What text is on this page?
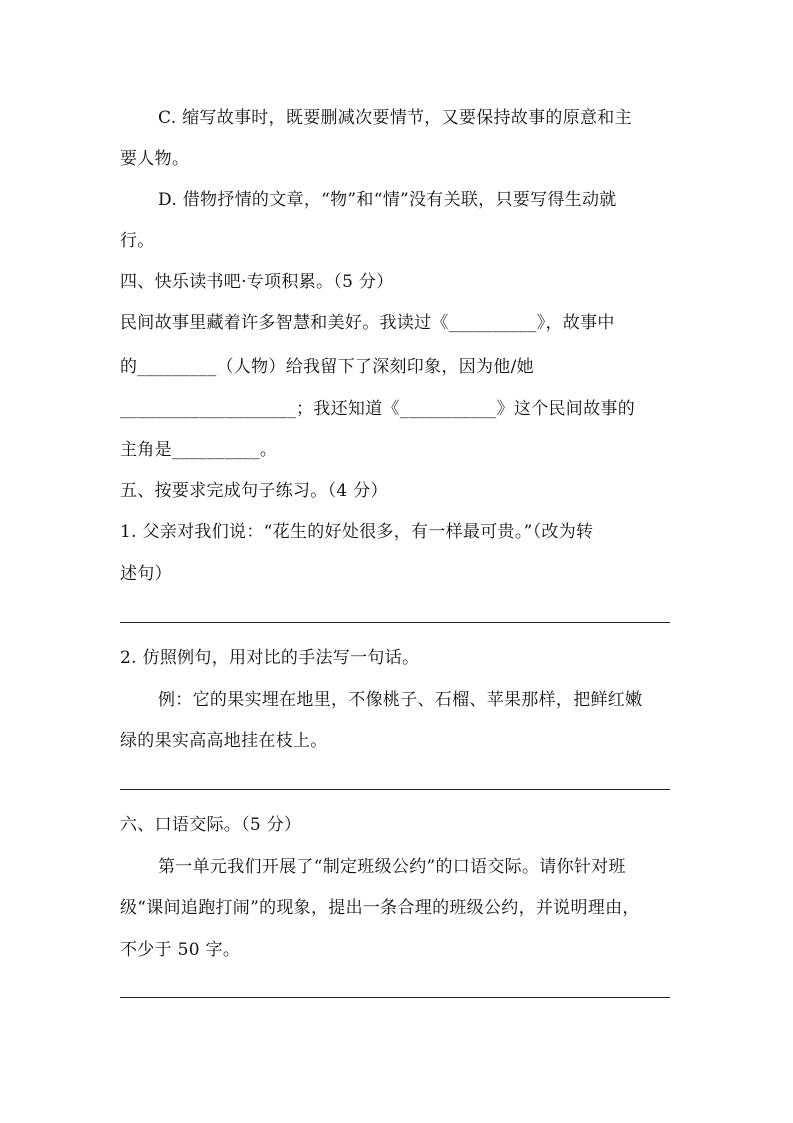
C. 缩写故事时，既要删减次要情节，又要保持故事的原意和主
要人物。
D. 借物抒情的文章，“物”和“情”没有关联，只要写得生动就
行。
四、快乐读书吧·专项积累。（5 分）
民间故事里藏着许多智慧和美好。我读过《__________》，故事中
的_________（人物）给我留下了深刻印象，因为他/她
____________________；我还知道《___________》这个民间故事的
主角是__________。
五、按要求完成句子练习。（4 分）
1. 父亲对我们说：“花生的好处很多，有一样最可贵。”（改为转
述句）
2. 仿照例句，用对比的手法写一句话。
例：它的果实埋在地里，不像桃子、石榴、苹果那样，把鲜红嫩
绿的果实高高地挂在枝上。
六、口语交际。（5 分）
第一单元我们开展了“制定班级公约”的口语交际。请你针对班
级“课间追跑打闹”的现象，提出一条合理的班级公约，并说明理由，
不少于 50 字。
